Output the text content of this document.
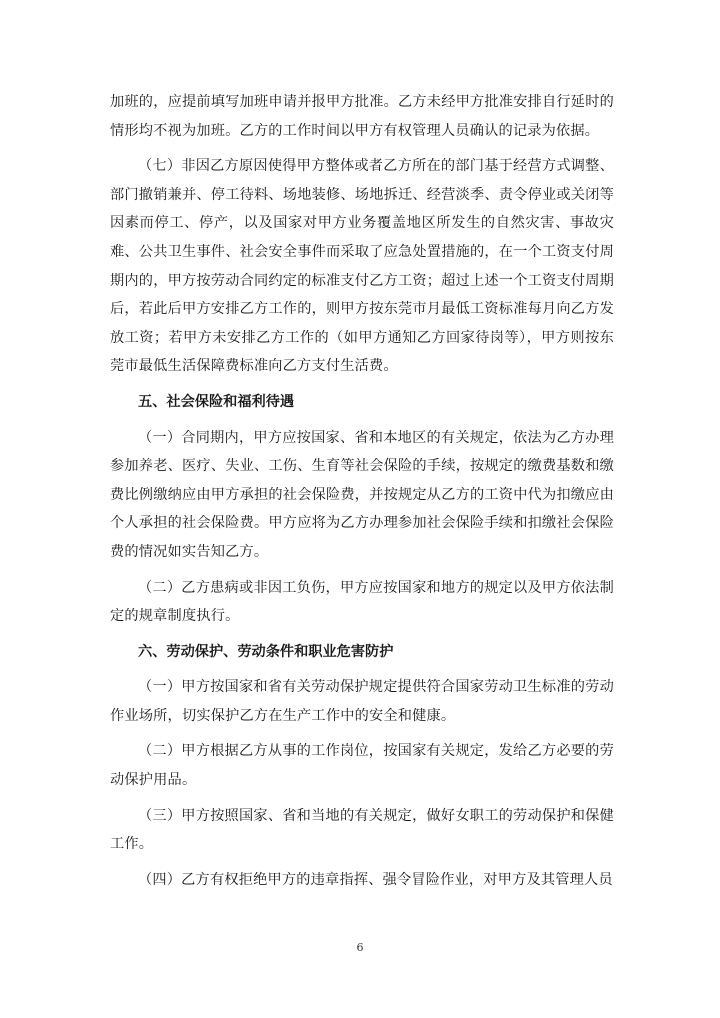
加班的，应提前填写加班申请并报甲方批准。乙方未经甲方批准安排自行延时的情形均不视为加班。乙方的工作时间以甲方有权管理人员确认的记录为依据。

（七）非因乙方原因使得甲方整体或者乙方所在的部门基于经营方式调整、部门撤销兼并、停工待料、场地装修、场地拆迁、经营淡季、责令停业或关闭等因素而停工、停产，以及国家对甲方业务覆盖地区所发生的自然灾害、事故灾难、公共卫生事件、社会安全事件而采取了应急处置措施的，在一个工资支付周期内的，甲方按劳动合同约定的标准支付乙方工资；超过上述一个工资支付周期后，若此后甲方安排乙方工作的，则甲方按东莞市月最低工资标准每月向乙方发放工资；若甲方未安排乙方工作的（如甲方通知乙方回家待岗等），甲方则按东莞市最低生活保障费标准向乙方支付生活费。

五、社会保险和福利待遇

（一）合同期内，甲方应按国家、省和本地区的有关规定，依法为乙方办理参加养老、医疗、失业、工伤、生育等社会保险的手续，按规定的缴费基数和缴费比例缴纳应由甲方承担的社会保险费，并按规定从乙方的工资中代为扣缴应由个人承担的社会保险费。甲方应将为乙方办理参加社会保险手续和扣缴社会保险费的情况如实告知乙方。

（二）乙方患病或非因工负伤，甲方应按国家和地方的规定以及甲方依法制定的规章制度执行。

六、劳动保护、劳动条件和职业危害防护

（一）甲方按国家和省有关劳动保护规定提供符合国家劳动卫生标准的劳动作业场所，切实保护乙方在生产工作中的安全和健康。

（二）甲方根据乙方从事的工作岗位，按国家有关规定，发给乙方必要的劳动保护用品。

（三）甲方按照国家、省和当地的有关规定，做好女职工的劳动保护和保健工作。

（四）乙方有权拒绝甲方的违章指挥、强令冒险作业，对甲方及其管理人员

6
